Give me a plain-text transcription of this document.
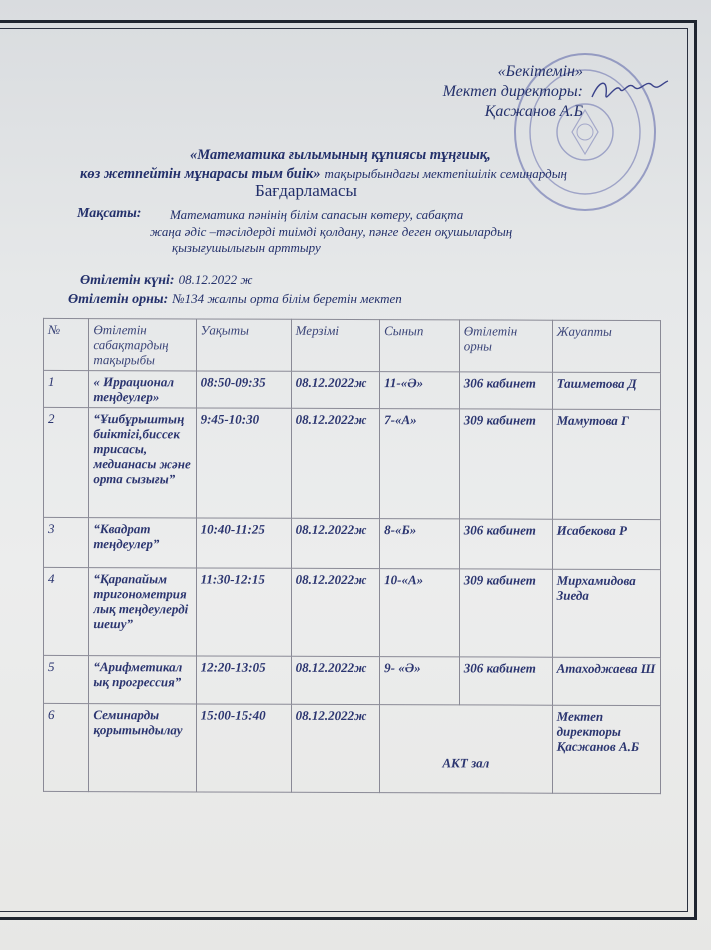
«Бекітемін»
Мектеп директоры:
Қасжанов А.Б
«Математика ғылымының құпиясы тұңғиық,
көз жетпейтін мұнарасы тым биік» тақырыбындағы мектепішілік семинардың
Бағдарламасы
Мақсаты: Математика пәнінің білім сапасын көтеру, сабақта
жаңа әдіс –тәсілдерді тиімді қолдану, пәнге деген оқушылардың
қызығушылығын арттыру
Өтілетін күні: 08.12.2022 ж
Өтілетін орны: №134 жалпы орта білім беретін мектеп
№	Өтілетін сабақтардың тақырыбы	Уақыты	Мерзімі	Сынып	Өтілетін орны	Жауапты
1	« Иррационал теңдеулер»	08:50-09:35	08.12.2022ж	11-«Ә»	306 кабинет	Ташметова Д
2	“Ұшбұрыштың биіктігі,биссек трисасы, медианасы және орта сызығы”	9:45-10:30	08.12.2022ж	7-«А»	309 кабинет	Мамутова Г
3	“Квадрат теңдеулер”	10:40-11:25	08.12.2022ж	8-«Б»	306 кабинет	Исабекова Р
4	“Қарапайым тригонометрия лық теңдеулерді шешу”	11:30-12:15	08.12.2022ж	10-«А»	309 кабинет	Мирхамидова Зиеда
5	“Арифметикал ық прогрессия”	12:20-13:05	08.12.2022ж	9- «Ә»	306 кабинет	Атаходжаева Ш
6	Семинарды қорытындылау	15:00-15:40	08.12.2022ж	АКТ зал		Мектеп директоры Қасжанов А.Б
